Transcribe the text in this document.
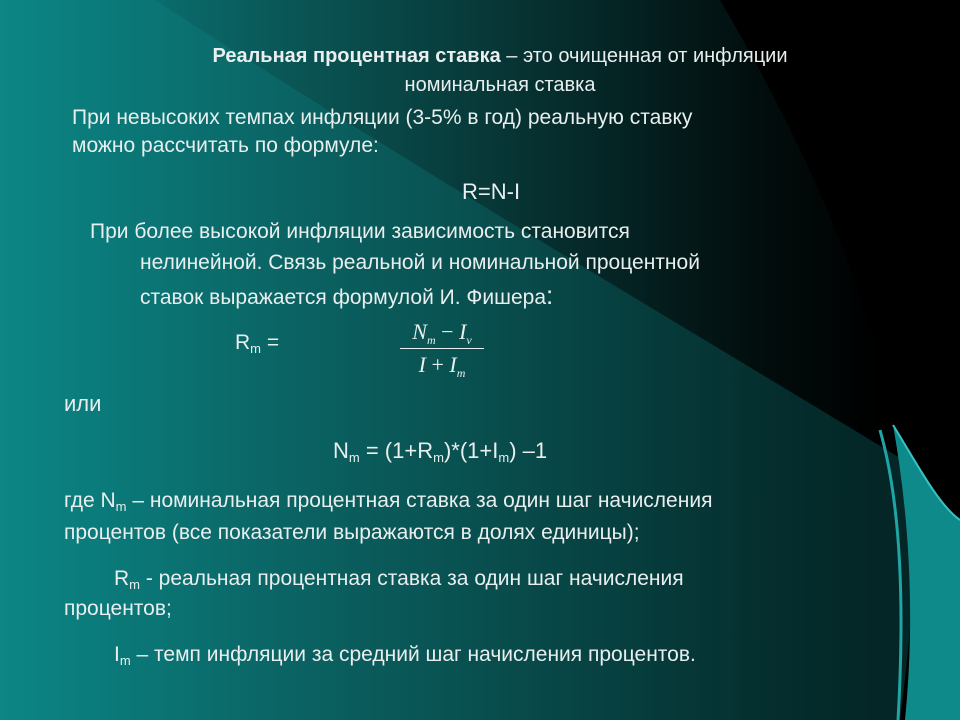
Реальная процентная ставка – это очищенная от инфляции
номинальная ставка
При невысоких темпах инфляции (3-5% в год) реальную ставку
можно рассчитать по формуле:
R=N-I
При более высокой инфляции зависимость становится
нелинейной. Связь реальной и номинальной процентной
ставок выражается формулой И. Фишера:
$R_m$ =	$N_m - I_v$
$I + I_m$
или
$N_m = (1+R_m)*(1+I_m)$ –1
где $N_m$ – номинальная процентная ставка за один шаг начисления
процентов (все показатели выражаются в долях единицы);
$R_m$ - реальная процентная ставка за один шаг начисления
процентов;
$I_m$ – темп инфляции за средний шаг начисления процентов.
